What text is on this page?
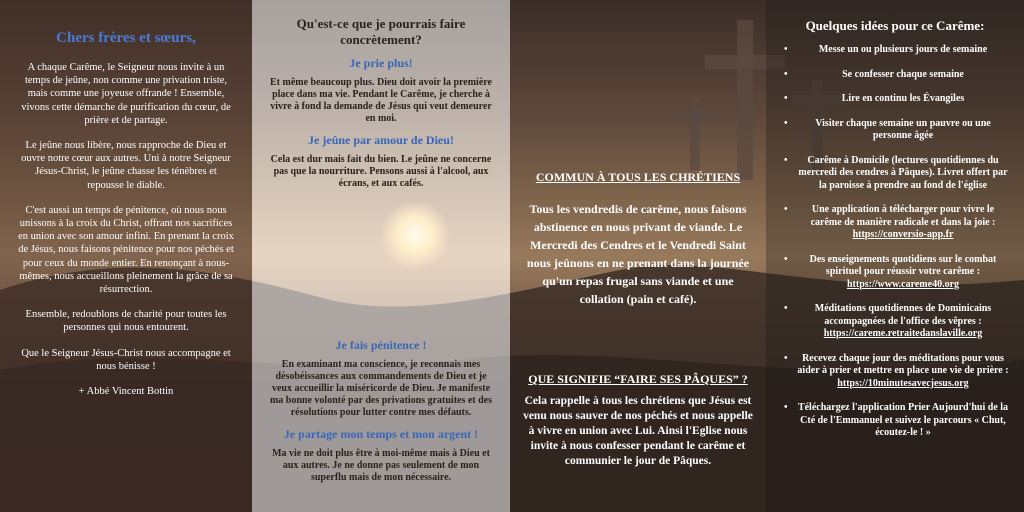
Chers frères et sœurs,

A chaque Carême, le Seigneur nous invite à un temps de jeûne, non comme une privation triste, mais comme une joyeuse offrande ! Ensemble, vivons cette démarche de purification du cœur, de prière et de partage.

Le jeûne nous libère, nous rapproche de Dieu et ouvre notre cœur aux autres. Uni à notre Seigneur Jésus-Christ, le jeûne chasse les ténèbres et repousse le diable.

C'est aussi un temps de pénitence, où nous nous unissons à la croix du Christ, offrant nos sacrifices en union avec son amour infini. En prenant la croix de Jésus, nous faisons pénitence pour nos péchés et pour ceux du monde entier. En renonçant à nous-mêmes, nous accueillons pleinement la grâce de sa résurrection.

Ensemble, redoublons de charité pour toutes les personnes qui nous entourent.

Que le Seigneur Jésus-Christ nous accompagne et nous bénisse !

+ Abbé Vincent Bottin

Qu'est-ce que je pourrais faire concrètement?

Je prie plus!

Et même beaucoup plus. Dieu doit avoir la première place dans ma vie. Pendant le Carême, je cherche à vivre à fond la demande de Jésus qui veut demeurer en moi.

Je jeûne par amour de Dieu!

Cela est dur mais fait du bien. Le jeûne ne concerne pas que la nourriture. Pensons aussi à l'alcool, aux écrans, et aux cafés.

Je fais pénitence !

En examinant ma conscience, je reconnais mes désobéissances aux commandements de Dieu et je veux accueillir la miséricorde de Dieu. Je manifeste ma bonne volonté par des privations gratuites et des résolutions pour lutter contre mes défauts.

Je partage mon temps et mon argent !

Ma vie ne doit plus être à moi-même mais à Dieu et aux autres. Je ne donne pas seulement de mon superflu mais de mon nécessaire.

COMMUN À TOUS LES CHRÉTIENS
Tous les vendredis de carême, nous faisons abstinence en nous privant de viande. Le Mercredi des Cendres et le Vendredi Saint nous jeûnons en ne prenant dans la journée qu'un repas frugal sans viande et une collation (pain et café).
QUE SIGNIFIE “FAIRE SES PÂQUES” ?
Cela rappelle à tous les chrétiens que Jésus est venu nous sauver de nos péchés et nous appelle à vivre en union avec Lui. Ainsi l'Eglise nous invite à nous confesser pendant le carême et communier le jour de Pâques.

Quelques idées pour ce Carême:

• Messe un ou plusieurs jours de semaine
• Se confesser chaque semaine
• Lire en continu les Évangiles
• Visiter chaque semaine un pauvre ou une personne âgée
• Carême à Domicile (lectures quotidiennes du mercredi des cendres à Pâques). Livret offert par la paroisse à prendre au fond de l'église
• Une application à télécharger pour vivre le carême de manière radicale et dans la joie :
https://conversio-app.fr
• Des enseignements quotidiens sur le combat spirituel pour réussir votre carême :
https://www.careme40.org
• Méditations quotidiennes de Dominicains accompagnées de l'office des vêpres :
https://careme.retraitedanslaville.org
• Recevez chaque jour des méditations pour vous aider à prier et mettre en place une vie de prière :
https://10minutesavecjesus.org
• Téléchargez l'application Prier Aujourd'hui de la Cté de l'Emmanuel et suivez le parcours « Chut, écoutez-le ! »
